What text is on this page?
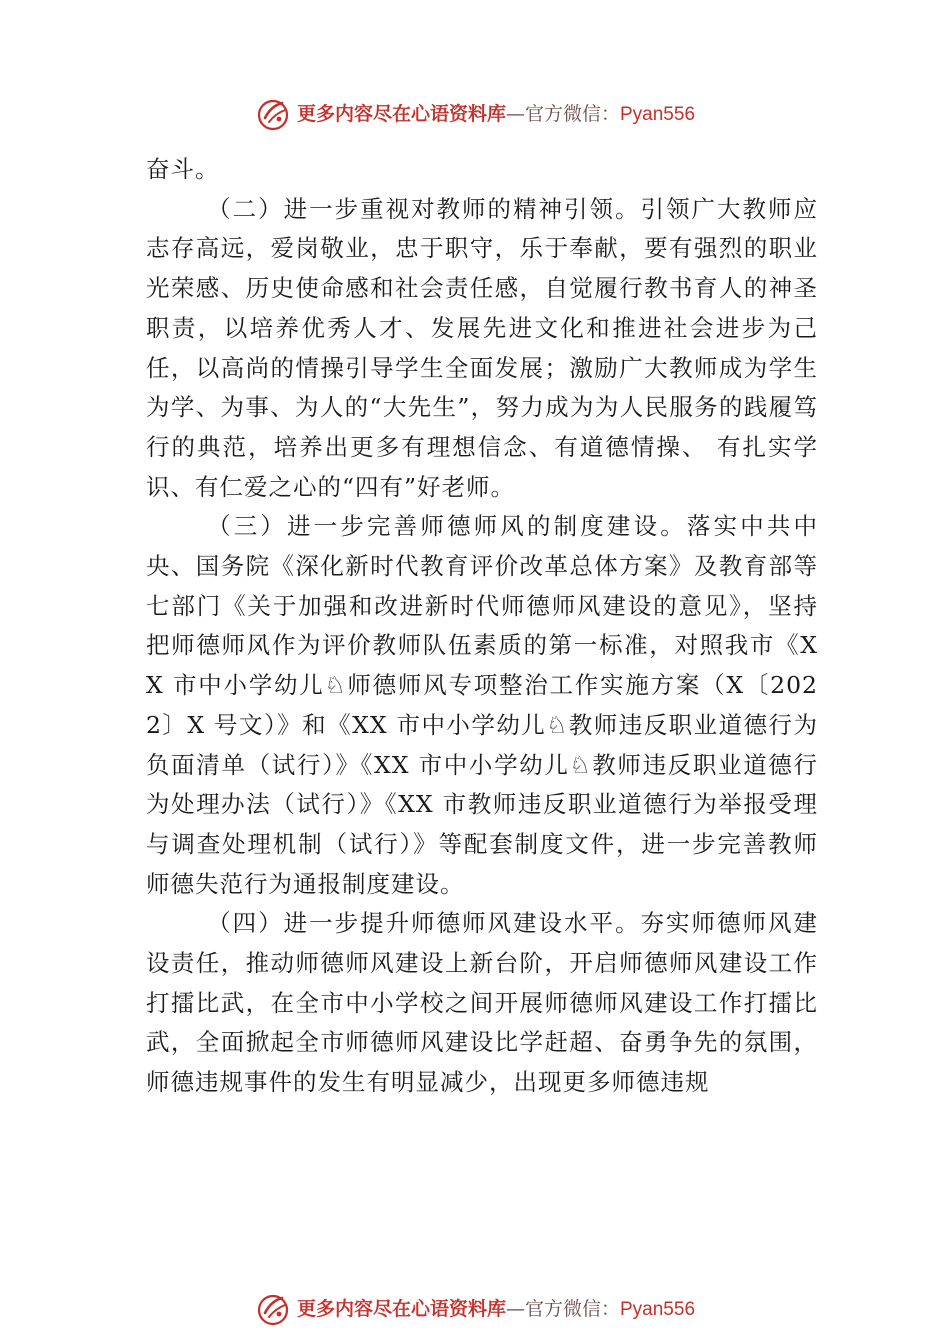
更多内容尽在心语资料库—官方微信：Pyan556

奋斗。

（二）进一步重视对教师的精神引领。引领广大教师应志存高远，爱岗敬业，忠于职守，乐于奉献，要有强烈的职业光荣感、历史使命感和社会责任感，自觉履行教书育人的神圣职责，以培养优秀人才、发展先进文化和推进社会进步为己任，以高尚的情操引导学生全面发展；激励广大教师成为学生为学、为事、为人的“大先生”，努力成为为人民服务的践履笃行的典范，培养出更多有理想信念、有道德情操、 有扎实学识、有仁爱之心的“四有”好老师。

（三）进一步完善师德师风的制度建设。落实中共中央、国务院《深化新时代教育评价改革总体方案》及教育部等七部门《关于加强和改进新时代师德师风建设的意见》，坚持把师德师风作为评价教师队伍素质的第一标准，对照我市《XX 市中小学幼儿♘师德师风专项整治工作实施方案（X〔2022〕X 号文）》和《XX 市中小学幼儿♘教师违反职业道德行为负面清单（试行）》《XX 市中小学幼儿♘教师违反职业道德行为处理办法（试行）》《XX 市教师违反职业道德行为举报受理与调查处理机制（试行）》等配套制度文件，进一步完善教师师德失范行为通报制度建设。

（四）进一步提升师德师风建设水平。夯实师德师风建设责任，推动师德师风建设上新台阶，开启师德师风建设工作打擂比武，在全市中小学校之间开展师德师风建设工作打擂比武，全面掀起全市师德师风建设比学赶超、奋勇争先的氛围，师德违规事件的发生有明显减少，出现更多师德违规

更多内容尽在心语资料库—官方微信：Pyan556
